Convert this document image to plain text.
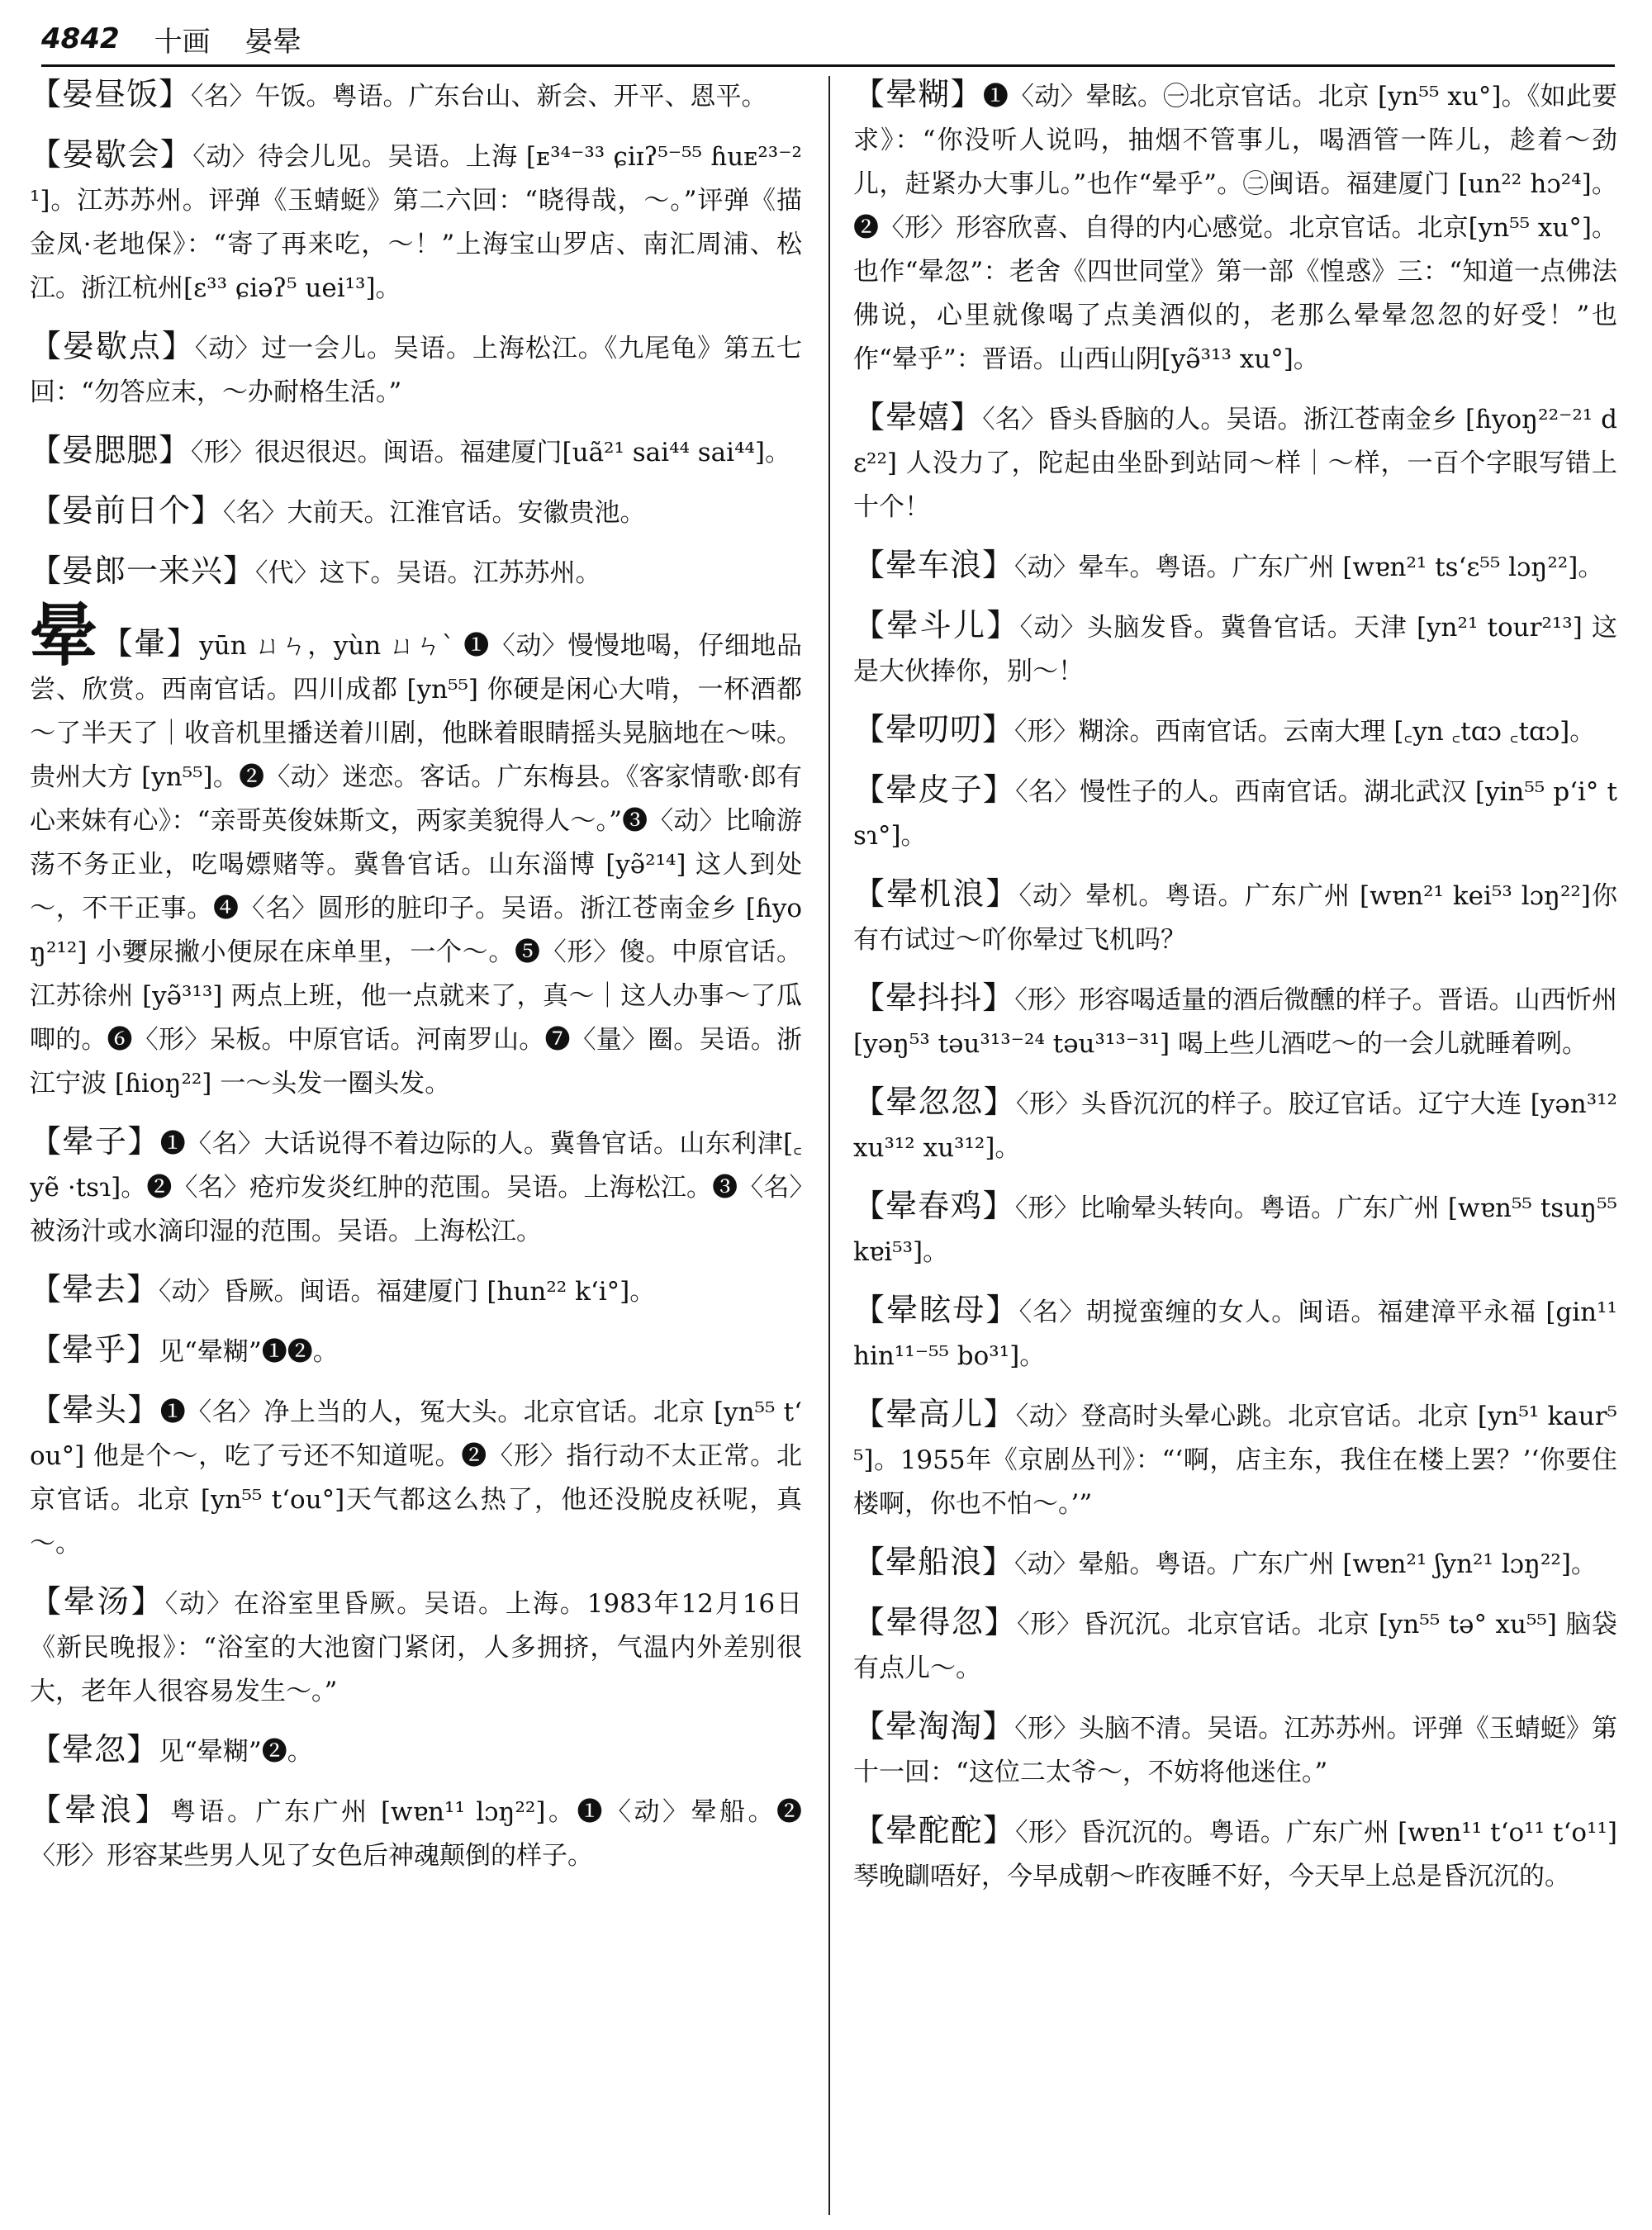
4842 十画 晏晕

【晏昼饭】〈名〉午饭。粤语。广东台山、新会、开平、恩平。

【晏歇会】〈动〉待会儿见。吴语。上海 [ᴇ³⁴⁻³³ ɕiɪʔ⁵⁻⁵⁵ ɦuᴇ²³⁻²¹]。江苏苏州。评弹《玉蜻蜓》第二六回：“晓得哉，～。”评弹《描金凤·老地保》：“寄了再来吃，～！”上海宝山罗店、南汇周浦、松江。浙江杭州[ɛ³³ ɕiəʔ⁵ uei¹³]。

【晏歇点】〈动〉过一会儿。吴语。上海松江。《九尾龟》第五七回：“勿答应末，～办耐格生活。”

【晏腮腮】〈形〉很迟很迟。闽语。福建厦门[uã²¹ sai⁴⁴ sai⁴⁴]。

【晏前日个】〈名〉大前天。江淮官话。安徽贵池。

【晏郎一来兴】〈代〉这下。吴语。江苏苏州。

晕 【暈】yūn ㄩㄣ，yùn ㄩㄣˋ ❶〈动〉慢慢地喝，仔细地品尝、欣赏。西南官话。四川成都 [yn⁵⁵] 你硬是闲心大啃，一杯酒都～了半天了｜收音机里播送着川剧，他眯着眼睛摇头晃脑地在～味。贵州大方 [yn⁵⁵]。❷〈动〉迷恋。客话。广东梅县。《客家情歌·郎有心来妹有心》：“亲哥英俊妹斯文，两家美貌得人～。”❸〈动〉比喻游荡不务正业，吃喝嫖赌等。冀鲁官话。山东淄博 [yə̃²¹⁴] 这人到处～，不干正事。❹〈名〉圆形的脏印子。吴语。浙江苍南金乡 [ɦyoŋ²¹²] 小㜷尿撇小便尿在床单里，一个～。❺〈形〉傻。中原官话。江苏徐州 [yə̃³¹³] 两点上班，他一点就来了，真～｜这人办事～了瓜唧的。❻〈形〉呆板。中原官话。河南罗山。❼〈量〉圈。吴语。浙江宁波 [ɦioŋ²²] 一～头发一圈头发。

【晕子】❶〈名〉大话说得不着边际的人。冀鲁官话。山东利津[꜀yẽ ·tsɿ]。❷〈名〉疮疖发炎红肿的范围。吴语。上海松江。❸〈名〉被汤汁或水滴印湿的范围。吴语。上海松江。

【晕去】〈动〉昏厥。闽语。福建厦门 [hun²² kʻi°]。

【晕乎】见“晕糊”❶❷。

【晕头】❶〈名〉净上当的人，冤大头。北京官话。北京 [yn⁵⁵ tʻou°] 他是个～，吃了亏还不知道呢。❷〈形〉指行动不太正常。北京官话。北京 [yn⁵⁵ tʻou°]天气都这么热了，他还没脱皮袄呢，真～。

【晕汤】〈动〉在浴室里昏厥。吴语。上海。1983年12月16日《新民晚报》：“浴室的大池窗门紧闭，人多拥挤，气温内外差别很大，老年人很容易发生～。”

【晕忽】见“晕糊”❷。

【晕浪】粤语。广东广州 [wɐn¹¹ lɔŋ²²]。❶〈动〉晕船。❷〈形〉形容某些男人见了女色后神魂颠倒的样子。

【晕糊】❶〈动〉晕眩。㊀北京官话。北京 [yn⁵⁵ xu°]。《如此要求》：“你没听人说吗，抽烟不管事儿，喝酒管一阵儿，趁着～劲儿，赶紧办大事儿。”也作“晕乎”。㊁闽语。福建厦门 [un²² hɔ²⁴]。❷〈形〉形容欣喜、自得的内心感觉。北京官话。北京[yn⁵⁵ xu°]。也作“晕忽”：老舍《四世同堂》第一部《惶惑》三：“知道一点佛法佛说，心里就像喝了点美酒似的，老那么晕晕忽忽的好受！”也作“晕乎”：晋语。山西山阴[yə̃³¹³ xu°]。

【晕嬉】〈名〉昏头昏脑的人。吴语。浙江苍南金乡 [ɦyoŋ²²⁻²¹ dɛ²²] 人没力了，陀起由坐卧到站同～样｜～样，一百个字眼写错上十个！

【晕车浪】〈动〉晕车。粤语。广东广州 [wɐn²¹ tsʻɛ⁵⁵ lɔŋ²²]。

【晕斗儿】〈动〉头脑发昏。冀鲁官话。天津 [yn²¹ tour²¹³] 这是大伙捧你，别～！

【晕叨叨】〈形〉糊涂。西南官话。云南大理 [꜀yn ꜀tɑɔ ꜀tɑɔ]。

【晕皮子】〈名〉慢性子的人。西南官话。湖北武汉 [yin⁵⁵ pʻi° tsɿ°]。

【晕机浪】〈动〉晕机。粤语。广东广州 [wɐn²¹ kei⁵³ lɔŋ²²]你有冇试过～吖你晕过飞机吗？

【晕抖抖】〈形〉形容喝适量的酒后微醺的样子。晋语。山西忻州 [yəŋ⁵³ təu³¹³⁻²⁴ təu³¹³⁻³¹] 喝上些儿酒呓～的一会儿就睡着咧。

【晕忽忽】〈形〉头昏沉沉的样子。胶辽官话。辽宁大连 [yən³¹² xu³¹² xu³¹²]。

【晕春鸡】〈形〉比喻晕头转向。粤语。广东广州 [wɐn⁵⁵ tsuŋ⁵⁵ kɐi⁵³]。

【晕眩母】〈名〉胡搅蛮缠的女人。闽语。福建漳平永福 [gin¹¹ hin¹¹⁻⁵⁵ bo³¹]。

【晕高儿】〈动〉登高时头晕心跳。北京官话。北京 [yn⁵¹ kaur⁵⁵]。1955年《京剧丛刊》：“‘啊，店主东，我住在楼上罢？’‘你要住楼啊，你也不怕～。’”

【晕船浪】〈动〉晕船。粤语。广东广州 [wɐn²¹ ʃyn²¹ lɔŋ²²]。

【晕得忽】〈形〉昏沉沉。北京官话。北京 [yn⁵⁵ tə° xu⁵⁵] 脑袋有点儿～。

【晕淘淘】〈形〉头脑不清。吴语。江苏苏州。评弹《玉蜻蜓》第十一回：“这位二太爷～，不妨将他迷住。”

【晕酡酡】〈形〉昏沉沉的。粤语。广东广州 [wɐn¹¹ tʻo¹¹ tʻo¹¹] 琴晚瞓唔好，今早成朝～昨夜睡不好，今天早上总是昏沉沉的。
